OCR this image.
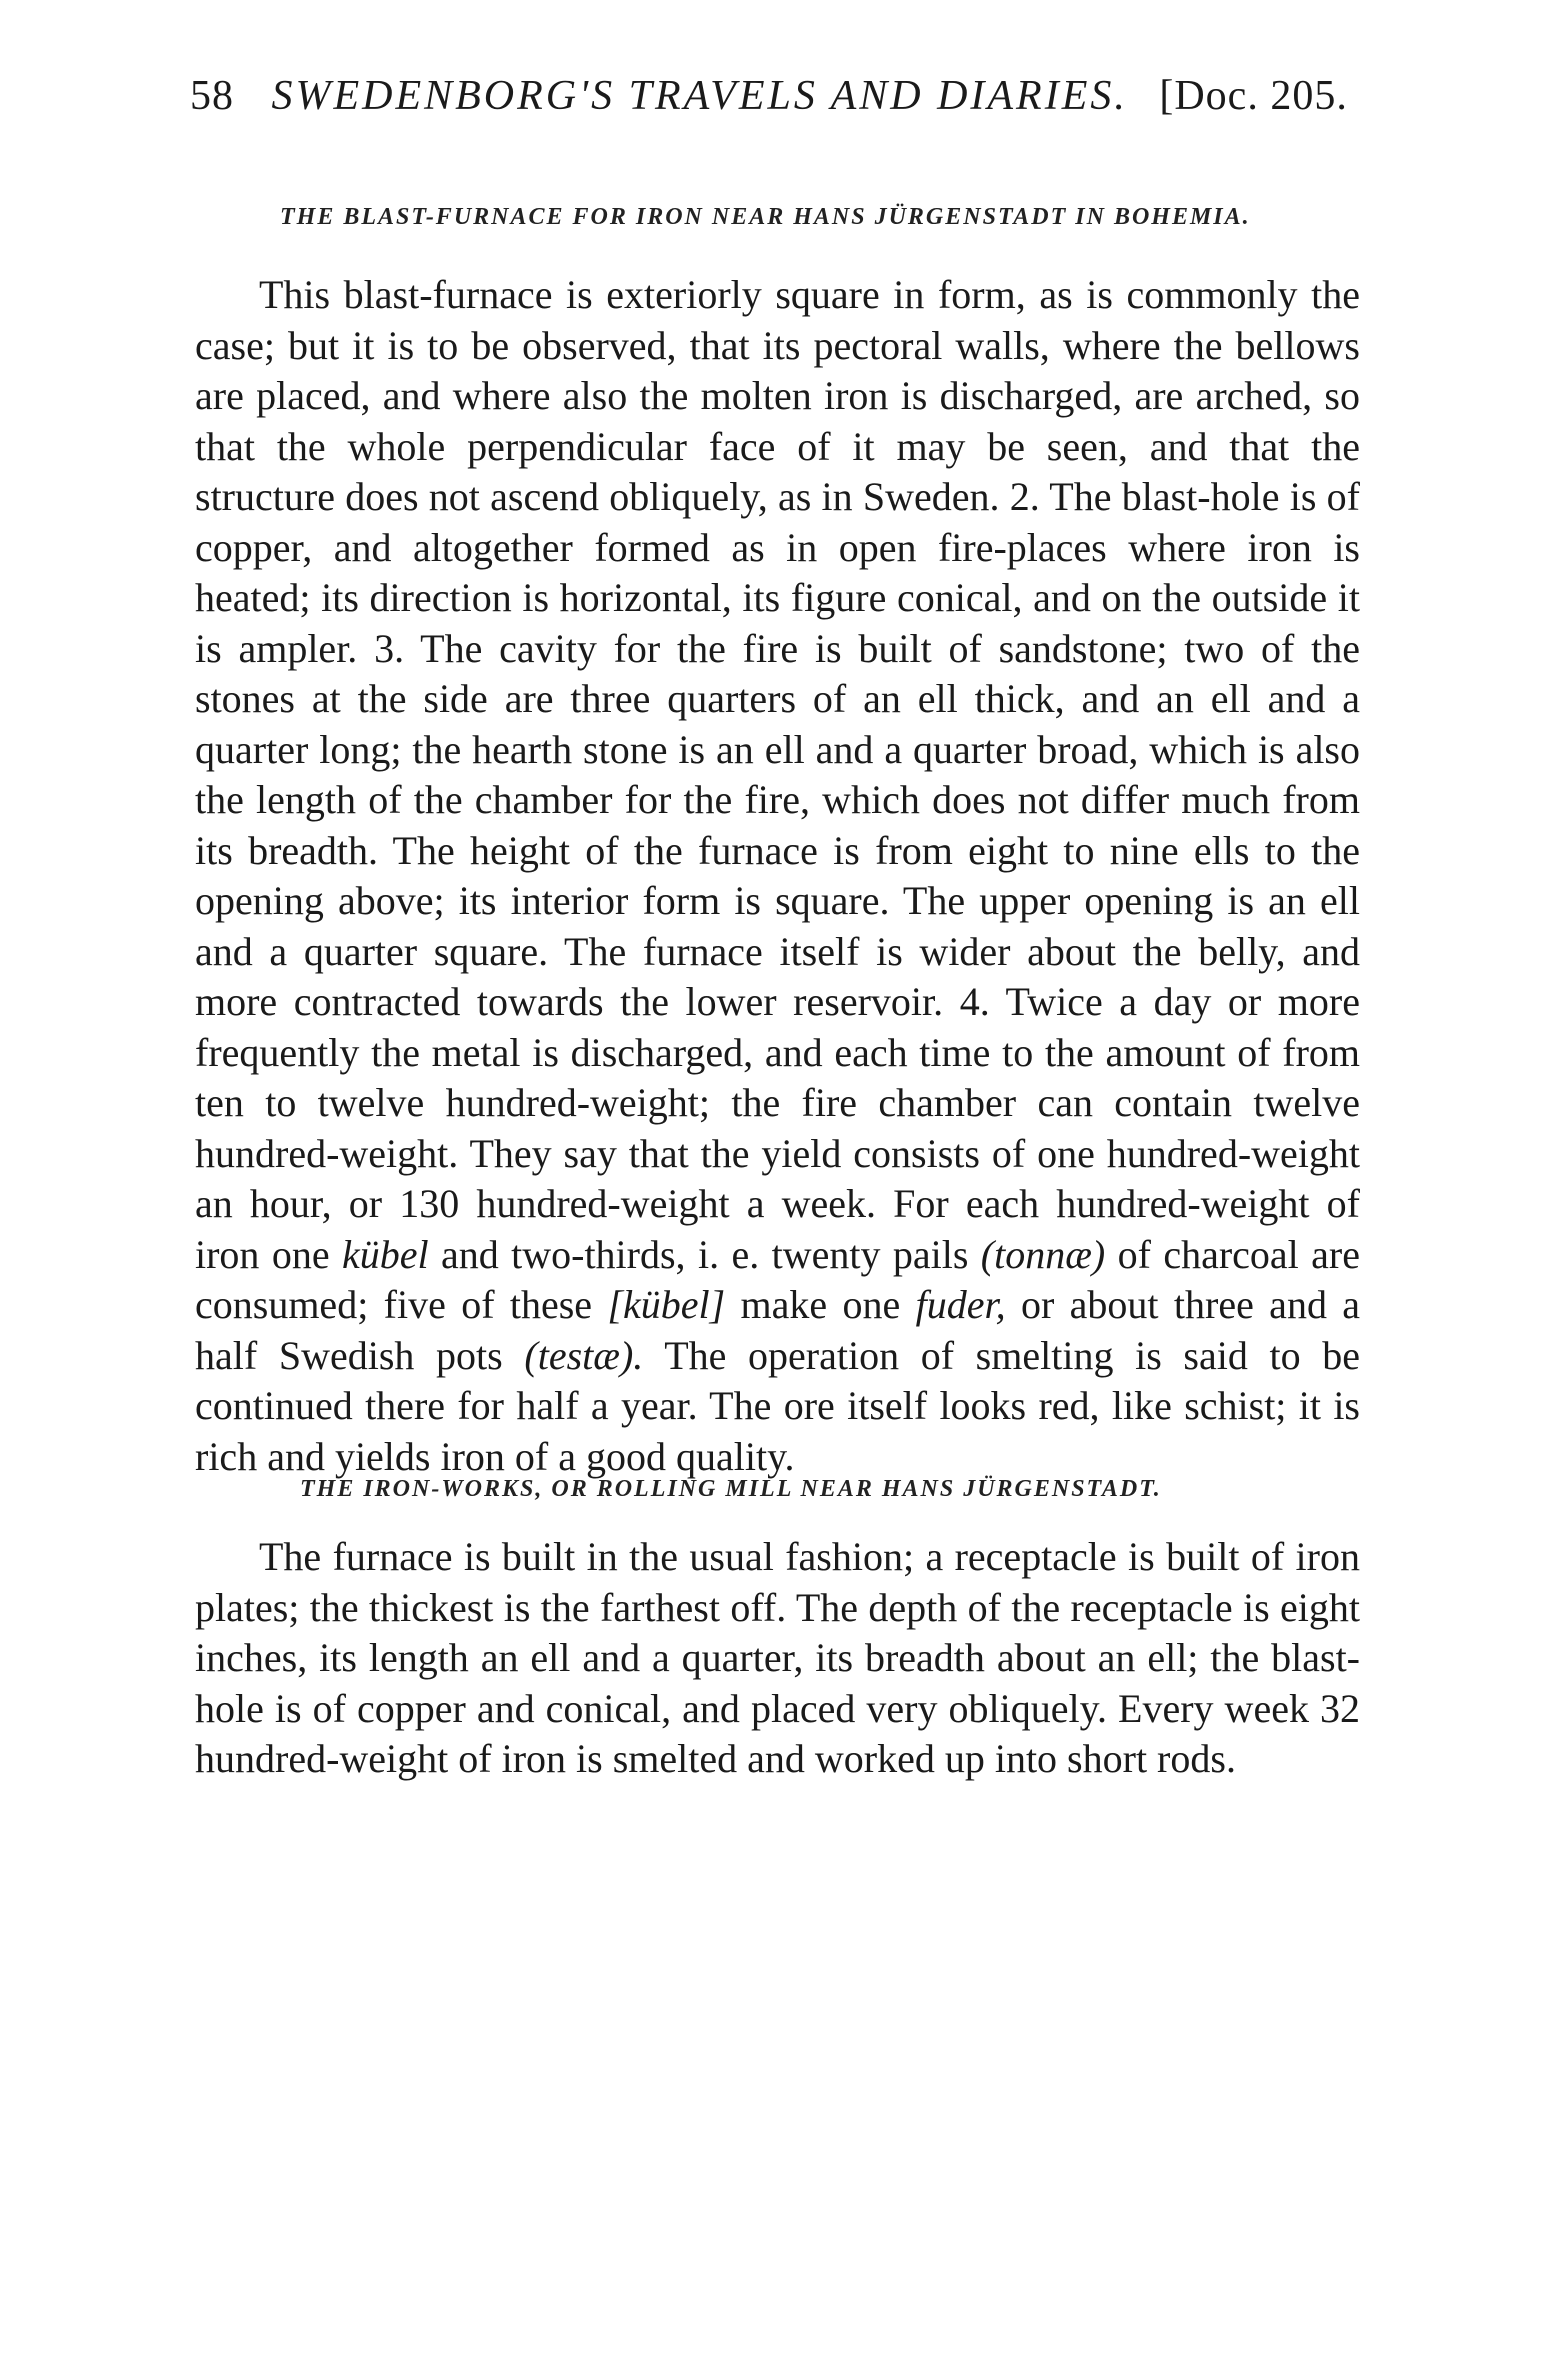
58 SWEDENBORG'S TRAVELS AND DIARIES. [Doc. 205.
THE BLAST-FURNACE FOR IRON NEAR HANS JÜRGENSTADT IN BOHEMIA.

This blast-furnace is exteriorly square in form, as is commonly the case; but it is to be observed, that its pectoral walls, where the bellows are placed, and where also the molten iron is discharged, are arched, so that the whole perpendicular face of it may be seen, and that the structure does not ascend obliquely, as in Sweden. 2. The blast-hole is of copper, and altogether formed as in open fire-places where iron is heated; its direction is horizontal, its figure conical, and on the outside it is ampler. 3. The cavity for the fire is built of sandstone; two of the stones at the side are three quarters of an ell thick, and an ell and a quarter long; the hearth stone is an ell and a quarter broad, which is also the length of the chamber for the fire, which does not differ much from its breadth. The height of the furnace is from eight to nine ells to the opening above; its interior form is square. The upper opening is an ell and a quarter square. The furnace itself is wider about the belly, and more contracted towards the lower reservoir. 4. Twice a day or more frequently the metal is discharged, and each time to the amount of from ten to twelve hundred-weight; the fire chamber can contain twelve hundred-weight. They say that the yield consists of one hundred-weight an hour, or 130 hundred-weight a week. For each hundred-weight of iron one kübel and two-thirds, i. e. twenty pails (tonnæ) of charcoal are consumed; five of these [kübel] make one fuder, or about three and a half Swedish pots (testæ). The operation of smelting is said to be continued there for half a year. The ore itself looks red, like schist; it is rich and yields iron of a good quality.

THE IRON-WORKS, OR ROLLING MILL NEAR HANS JÜRGENSTADT.

The furnace is built in the usual fashion; a receptacle is built of iron plates; the thickest is the farthest off. The depth of the receptacle is eight inches, its length an ell and a quarter, its breadth about an ell; the blast-hole is of copper and conical, and placed very obliquely. Every week 32 hundred-weight of iron is smelted and worked up into short rods.
